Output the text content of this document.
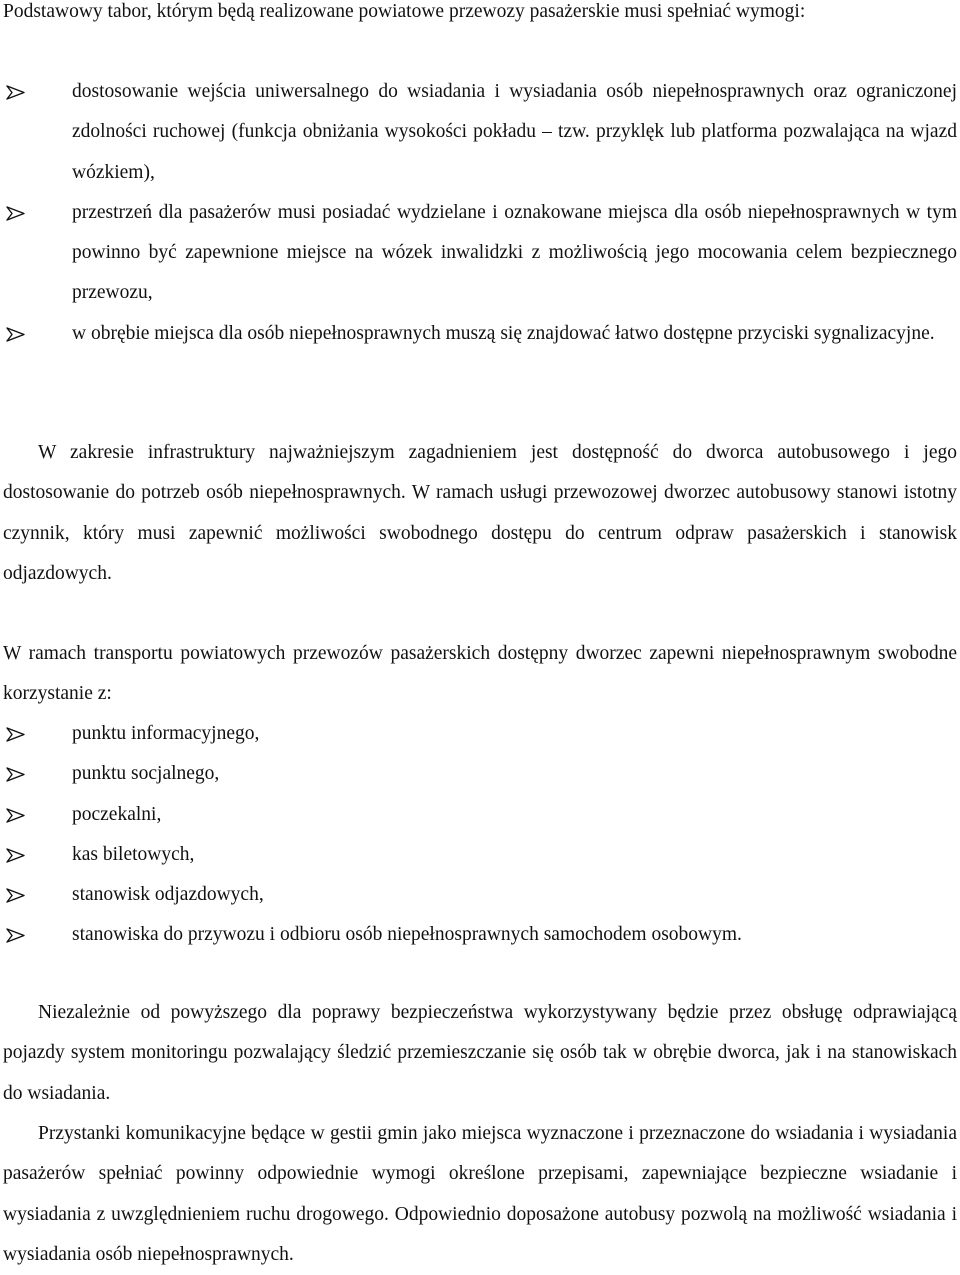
Podstawowy tabor, którym będą realizowane powiatowe przewozy pasażerskie musi spełniać wymogi:

dostosowanie wejścia uniwersalnego do wsiadania i wysiadania osób niepełnosprawnych oraz ograniczonej zdolności ruchowej (funkcja obniżania wysokości pokładu – tzw. przyklęk lub platforma pozwalająca na wjazd wózkiem),
przestrzeń dla pasażerów musi posiadać wydzielane i oznakowane miejsca dla osób niepełnosprawnych w tym powinno być zapewnione miejsce na wózek inwalidzki z możliwością jego mocowania celem bezpiecznego przewozu,
w obrębie miejsca dla osób niepełnosprawnych muszą się znajdować łatwo dostępne przyciski sygnalizacyjne.

W zakresie infrastruktury najważniejszym zagadnieniem jest dostępność do dworca autobusowego i jego dostosowanie do potrzeb osób niepełnosprawnych. W ramach usługi przewozowej dworzec autobusowy stanowi istotny czynnik, który musi zapewnić możliwości swobodnego dostępu do centrum odpraw pasażerskich i stanowisk odjazdowych.

W ramach transportu powiatowych przewozów pasażerskich dostępny dworzec zapewni niepełnosprawnym swobodne korzystanie z:

punktu informacyjnego,
punktu socjalnego,
poczekalni,
kas biletowych,
stanowisk odjazdowych,
stanowiska do przywozu i odbioru osób niepełnosprawnych samochodem osobowym.

Niezależnie od powyższego dla poprawy bezpieczeństwa wykorzystywany będzie przez obsługę odprawiającą pojazdy system monitoringu pozwalający śledzić przemieszczanie się osób tak w obrębie dworca, jak i na stanowiskach do wsiadania.

Przystanki komunikacyjne będące w gestii gmin jako miejsca wyznaczone i przeznaczone do wsiadania i wysiadania pasażerów spełniać powinny odpowiednie wymogi określone przepisami, zapewniające bezpieczne wsiadanie i wysiadania z uwzględnieniem ruchu drogowego. Odpowiednio doposażone autobusy pozwolą na możliwość wsiadania i wysiadania osób niepełnosprawnych.
